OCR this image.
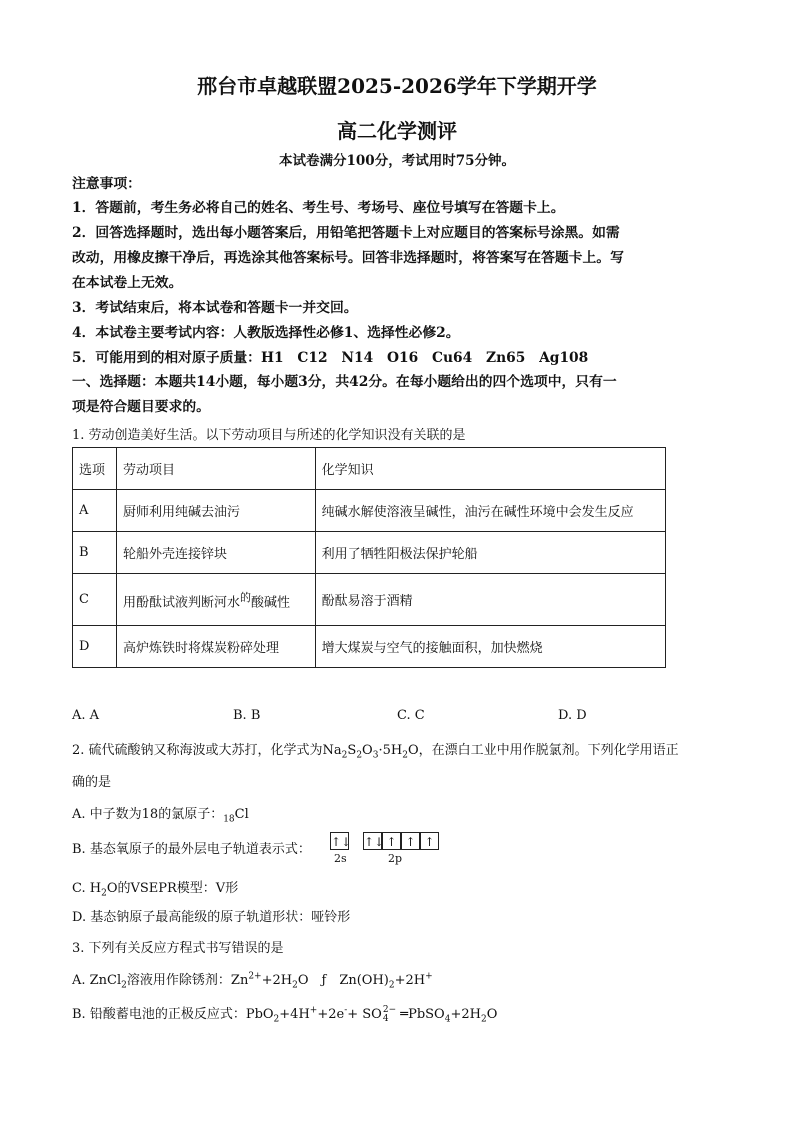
邢台市卓越联盟2025-2026学年下学期开学
高二化学测评
本试卷满分100分，考试用时75分钟。
注意事项：
1．答题前，考生务必将自己的姓名、考生号、考场号、座位号填写在答题卡上。
2．回答选择题时，选出每小题答案后，用铅笔把答题卡上对应题目的答案标号涂黑。如需
改动，用橡皮擦干净后，再选涂其他答案标号。回答非选择题时，将答案写在答题卡上。写
在本试卷上无效。
3．考试结束后，将本试卷和答题卡一并交回。
4．本试卷主要考试内容：人教版选择性必修1、选择性必修2。
5．可能用到的相对原子质量：H1　C12　N14　O16　Cu64　Zn65　Ag108
一、选择题：本题共14小题，每小题3分，共42分。在每小题给出的四个选项中，只有一
项是符合题目要求的。
1. 劳动创造美好生活。以下劳动项目与所述的化学知识没有关联的是
选项	劳动项目	化学知识
A	厨师利用纯碱去油污	纯碱水解使溶液呈碱性，油污在碱性环境中会发生反应
B	轮船外壳连接锌块	利用了牺牲阳极法保护轮船
C	用酚酞试液判断河水$^的$酸碱性	酚酞易溶于酒精
D	高炉炼铁时将煤炭粉碎处理	增大煤炭与空气的接触面积，加快燃烧
A. A	B. B	C. C	D. D
2. 硫代硫酸钠又称海波或大苏打，化学式为$Na_2S_2O_3\cdot 5H_2O$，在漂白工业中用作脱氯剂。下列化学用语正
确的是
A. 中子数为18的氯原子：$_{18}$Cl
B. 基态氧原子的最外层电子轨道表示式： ↑↓ ↑↓ ↑ ↑ ↑
2s	2p
C. $H_2O$的VSEPR模型：V形
D. 基态钠原子最高能级的原子轨道形状：哑铃形
3. 下列有关反应方程式书写错误的是
A. ZnCl$_2$溶液用作除锈剂：$Zn^{2+}+2H_2O$　ƒ　$Zn(OH)_2+2H^+$
B. 铅酸蓄电池的正极反应式：PbO$_2$+4H++2e-+ SO 2−
4 $═PbSO_4+2H_2O$
